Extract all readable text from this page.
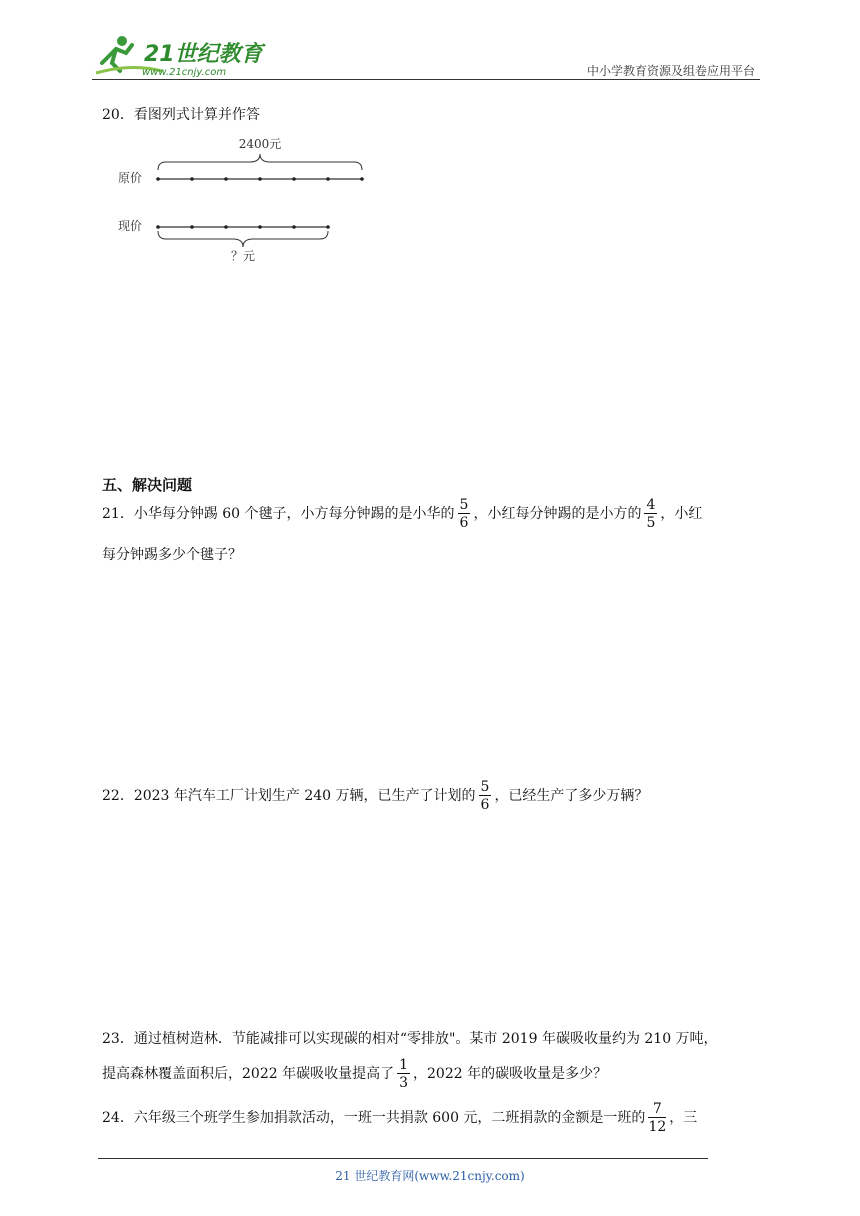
21世纪教育
www.21cnjy.com	中小学教育资源及组卷应用平台
20．看图列式计算并作答
2400元
原价
现价
？元
五、解决问题
21．小华每分钟踢 60 个毽子，小方每分钟踢的是小华的 $\frac{5}{6}$ ，小红每分钟踢的是小方的 $\frac{4}{5}$ ，小红
每分钟踢多少个毽子？
22．2023 年汽车工厂计划生产 240 万辆，已生产了计划的 $\frac{5}{6}$ ，已经生产了多少万辆？
23．通过植树造林．节能减排可以实现碳的相对“零排放"。某市 2019 年碳吸收量约为 210 万吨，
提高森林覆盖面积后，2022 年碳吸收量提高了 $\frac{1}{3}$ ，2022 年的碳吸收量是多少？
24．六年级三个班学生参加捐款活动，一班一共捐款 600 元，二班捐款的金额是一班的 $\frac{7}{12}$ ，三
21 世纪教育网(www.21cnjy.com)
